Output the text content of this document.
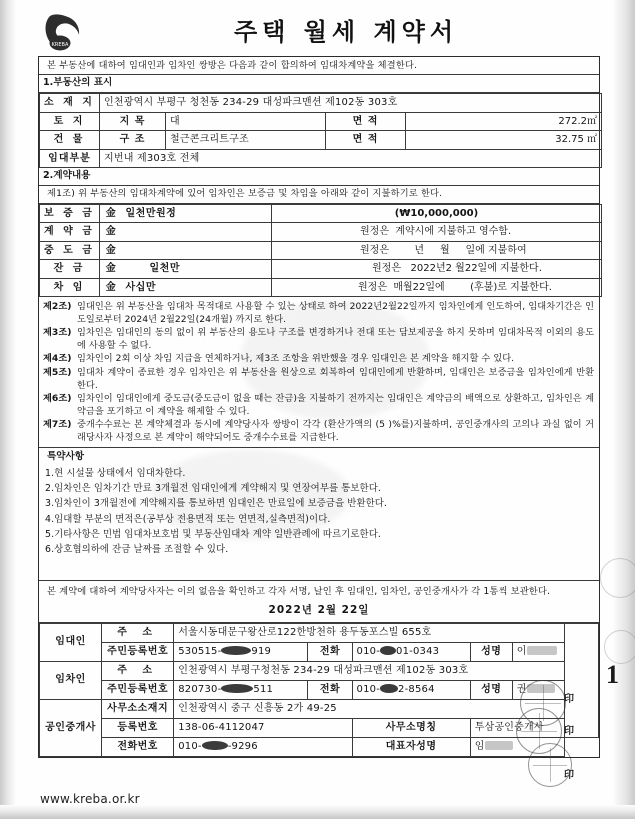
KREBA	주택 월세 계약서
본 부동산에 대하여 임대인과 임차인 쌍방은 다음과 같이 합의하여 임대차계약을 체결한다.
1.부동산의 표시
소 재 지	인천광역시 부평구 청천동 234-29 대성파크맨션 제102동 303호			
토 지	지 목	대	면 적	272.2㎡
건 물	구 조	철근콘크리트구조	면 적	32.75 ㎡
임대부분	지번내 제303호 전체			
2.계약내용
제1조) 위 부동산의 임대차계약에 있어 임차인은 보증금 및 차임을 아래와 같이 지불하기로 한다.
보 증 금	金	일천만원정	(₩10,000,000)
계 약 금	金		원정은  계약시에 지불하고 영수함.
중 도 금	金		원정은        년     월     일에 지불하여
잔 금	金	일천만	원정은   2022년2 월22일에 지불한다.
차 임	金	사십만	원정은  매월22일에        (후불)로 지불한다.
제2조) 임대인은 위 부동산을 임대차 목적대로 사용할 수 있는 상태로 하여 2022년2월22일까지 임차인에게 인도하여, 임대차기간은 인도일로부터 2024년 2월22일(24개월) 까지로 한다.
제3조) 임차인은 임대인의 동의 없이 위 부동산의 용도나 구조를 변경하거나 전대 또는 담보제공을 하지 못하며 임대차목적 이외의 용도에 사용할 수 없다.
제4조) 임차인이 2회 이상 차임 지급을 연체하거나, 제3조 조항을 위반했을 경우 임대인은 본 계약을 해지할 수 있다.
제5조) 임대차 계약이 종료한 경우 임차인은 위 부동산을 원상으로 회복하여 임대인에게 반환하며, 임대인은 보증금을 임차인에게 반환한다.
제6조) 임차인이 임대인에게 중도금(중도금이 없을 때는 잔금)을 지불하기 전까지는 임대인은 계약금의 배액으로 상환하고, 임차인은 계약금을 포기하고 이 계약을 해제할 수 있다.
제7조) 중개수수료는 본 계약체결과 동시에 계약당사자 쌍방이 각각 (환산가액의 (5 )%를)지불하며, 공인중개사의 고의나 과실 없이 거래당사자 사정으로 본 계약이 해약되어도 중개수수료를 지급한다.
특약사항
1.현 시설물 상태에서 임대차한다.
2.임차인은 임차기간 만료 3개월전 임대인에게 계약해지 및 연장여부를 통보한다.
3.임차인이 3개월전에 계약해지를 통보하면 임대인은 만료일에 보증금을 반환한다.
4.임대할 부분의 면적은(공부상 전용면적 또는 연면적,실측면적)이다.
5.기타사항은 민법 임대차보호법 및 부동산임대차 계약 일반관례에 따르기로한다.
6.상호협의하에 잔금 날짜를 조절할 수 있다.
본 계약에 대하여 계약당사자는 이의 없음을 확인하고 각자 서명, 날인 후 임대인, 임차인, 공인중개사가 각 1통씩 보관한다.
2022년 2월 22일
임대인	주 소	서울시동대문구왕산로122한방천하 용두동포스빌 655호					
	주민등록번호	530515- 919	전화	010- 01-0343	성명	이	
임차인	주 소	인천광역시 부평구청천동 234-29 대성파크맨션 제102동 303호					
	주민등록번호	820730- 511	전화	010- 2-8564	성명	권	
공인중개사	사무소소재지	인천광역시 중구 신흥동 2가 49-25					
	등록번호	138-06-4112047		사무소명칭	투삼공인중개사		
	전화번호	010- -9296		대표자성명	임		
印
印
印
1
www.kreba.or.kr
